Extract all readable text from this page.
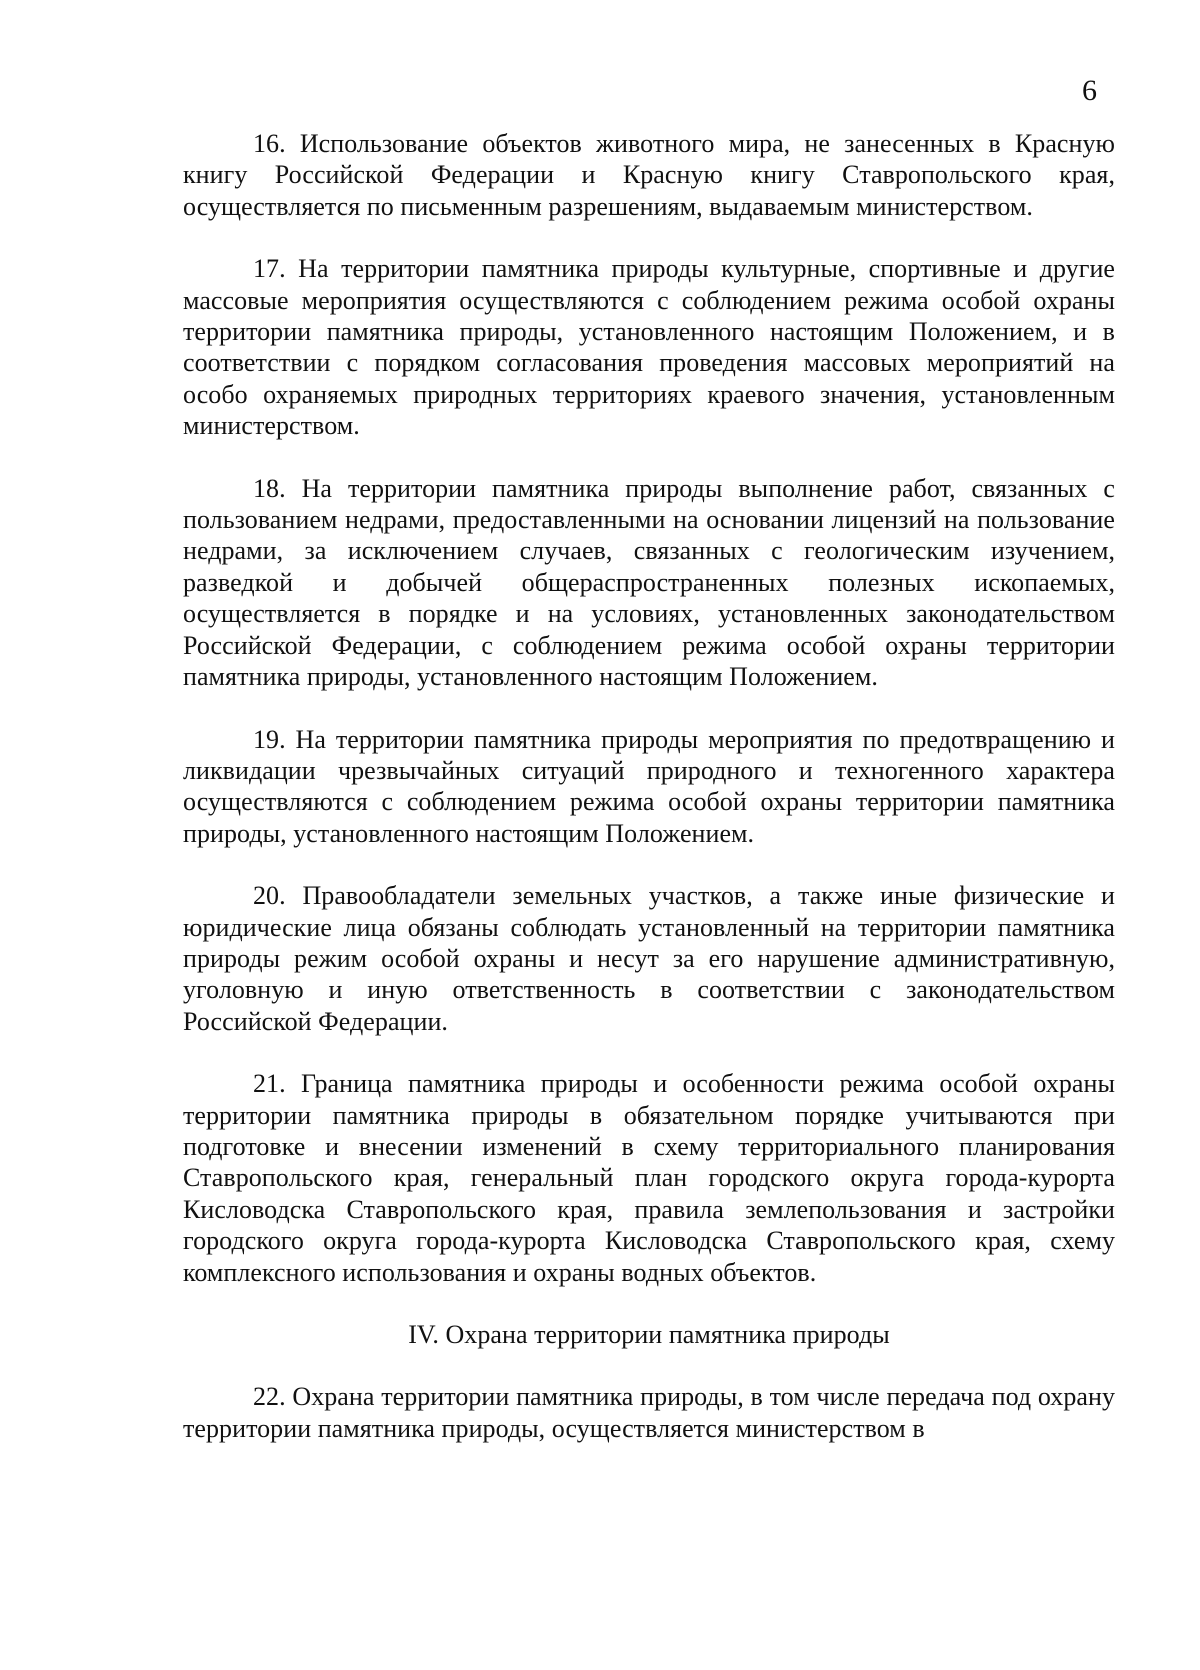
6

16. Использование объектов животного мира, не занесенных в Красную книгу Российской Федерации и Красную книгу Ставропольского края, осуществляется по письменным разрешениям, выдаваемым министерством.

17. На территории памятника природы культурные, спортивные и другие массовые мероприятия осуществляются с соблюдением режима особой охраны территории памятника природы, установленного настоящим Положением, и в соответствии с порядком согласования проведения массовых мероприятий на особо охраняемых природных территориях краевого значения, установленным министерством.

18. На территории памятника природы выполнение работ, связанных с пользованием недрами, предоставленными на основании лицензий на пользование недрами, за исключением случаев, связанных с геологическим изучением, разведкой и добычей общераспространенных полезных ископаемых, осуществляется в порядке и на условиях, установленных законодательством Российской Федерации, с соблюдением режима особой охраны территории памятника природы, установленного настоящим Положением.

19. На территории памятника природы мероприятия по предотвращению и ликвидации чрезвычайных ситуаций природного и техногенного характера осуществляются с соблюдением режима особой охраны территории памятника природы, установленного настоящим Положением.

20. Правообладатели земельных участков, а также иные физические и юридические лица обязаны соблюдать установленный на территории памятника природы режим особой охраны и несут за его нарушение административную, уголовную и иную ответственность в соответствии с законодательством Российской Федерации.

21. Граница памятника природы и особенности режима особой охраны территории памятника природы в обязательном порядке учитываются при подготовке и внесении изменений в схему территориального планирования Ставропольского края, генеральный план городского округа города-курорта Кисловодска Ставропольского края, правила землепользования и застройки городского округа города-курорта Кисловодска Ставропольского края, схему комплексного использования и охраны водных объектов.

IV. Охрана территории памятника природы

22. Охрана территории памятника природы, в том числе передача под охрану территории памятника природы, осуществляется министерством в
